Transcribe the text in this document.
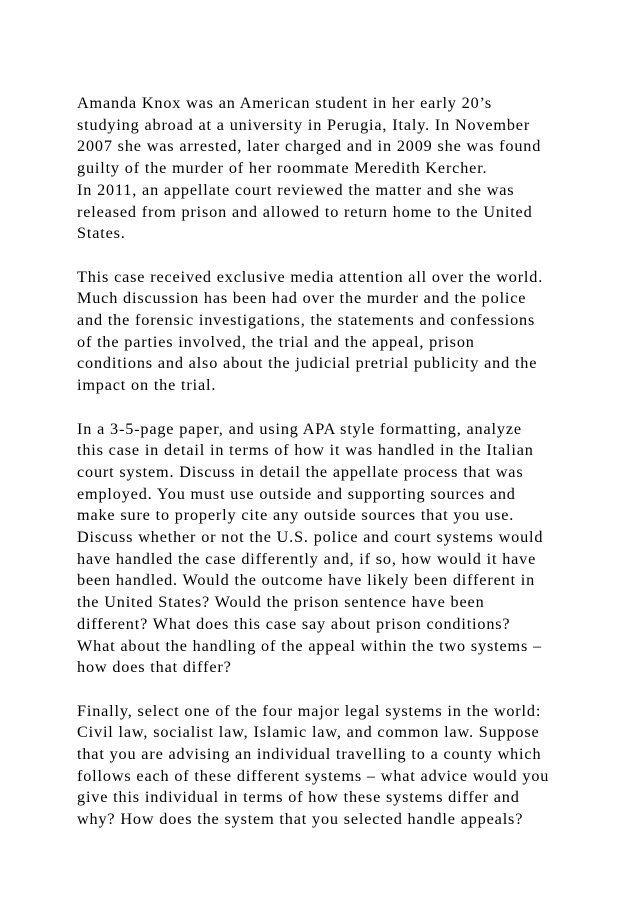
Amanda Knox was an American student in her early 20’s
studying abroad at a university in Perugia, Italy. In November
2007 she was arrested, later charged and in 2009 she was found
guilty of the murder of her roommate Meredith Kercher.
In 2011, an appellate court reviewed the matter and she was
released from prison and allowed to return home to the United
States.

This case received exclusive media attention all over the world.
Much discussion has been had over the murder and the police
and the forensic investigations, the statements and confessions
of the parties involved, the trial and the appeal, prison
conditions and also about the judicial pretrial publicity and the
impact on the trial.

In a 3-5-page paper, and using APA style formatting, analyze
this case in detail in terms of how it was handled in the Italian
court system. Discuss in detail the appellate process that was
employed. You must use outside and supporting sources and
make sure to properly cite any outside sources that you use.
Discuss whether or not the U.S. police and court systems would
have handled the case differently and, if so, how would it have
been handled. Would the outcome have likely been different in
the United States? Would the prison sentence have been
different? What does this case say about prison conditions?
What about the handling of the appeal within the two systems –
how does that differ?

Finally, select one of the four major legal systems in the world:
Civil law, socialist law, Islamic law, and common law. Suppose
that you are advising an individual travelling to a county which
follows each of these different systems – what advice would you
give this individual in terms of how these systems differ and
why? How does the system that you selected handle appeals?
